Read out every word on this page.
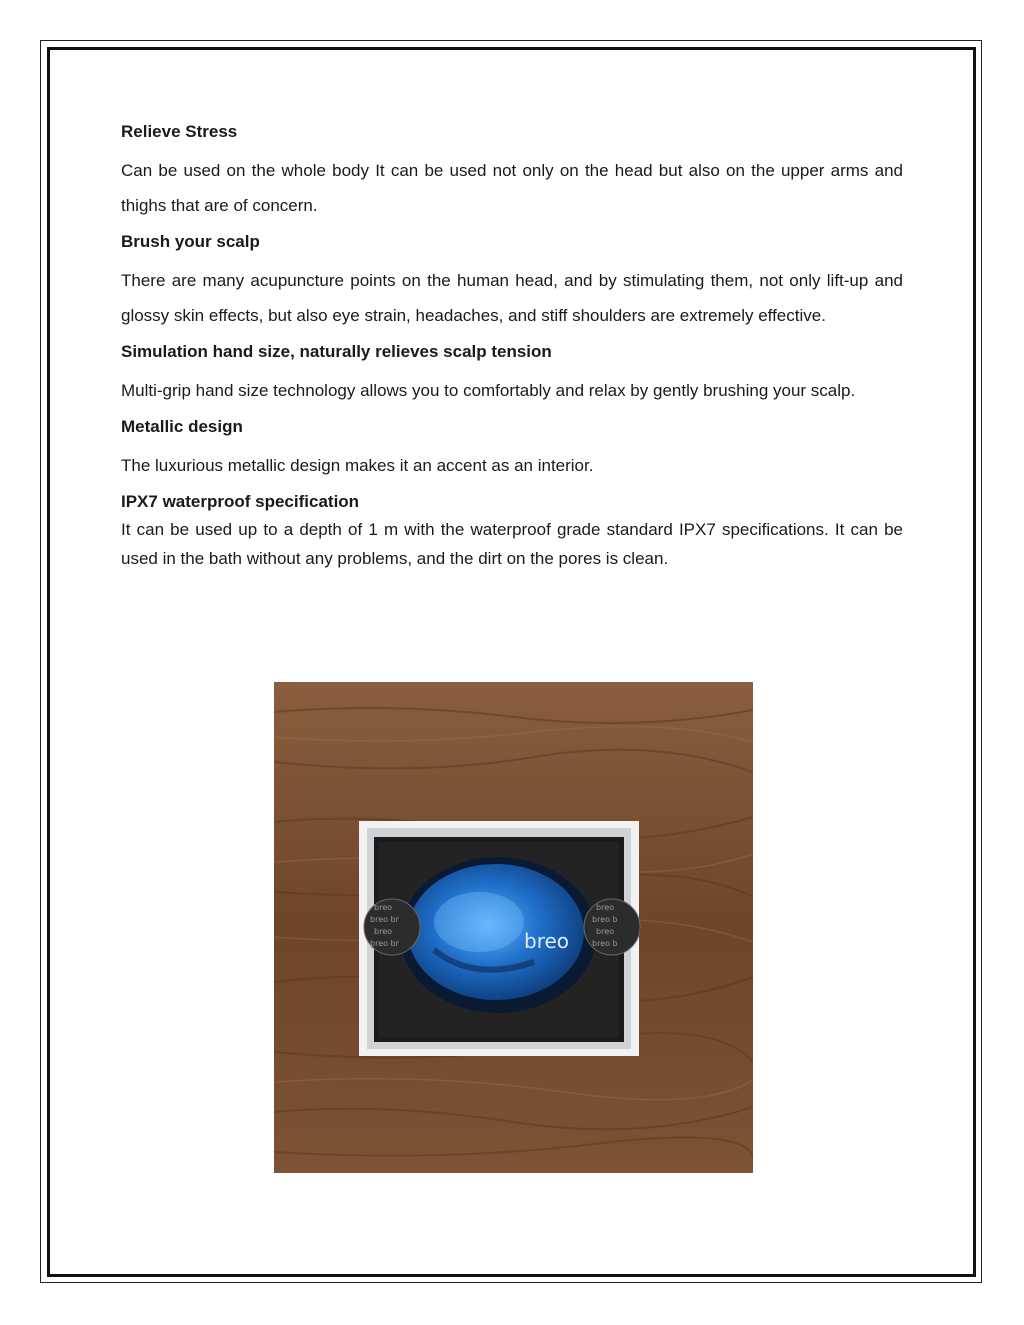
Relieve Stress

Can be used on the whole body It can be used not only on the head but also on the upper arms and thighs that are of concern.

Brush your scalp

There are many acupuncture points on the human head, and by stimulating them, not only lift-up and glossy skin effects, but also eye strain, headaches, and stiff shoulders are extremely effective.

Simulation hand size, naturally relieves scalp tension

Multi-grip hand size technology allows you to comfortably and relax by gently brushing your scalp.

Metallic design

The luxurious metallic design makes it an accent as an interior.

IPX7 waterproof specification

It can be used up to a depth of 1 m with the waterproof grade standard IPX7 specifications. It can be used in the bath without any problems, and the dirt on the pores is clean.

breo
breo
breo br
breo
breo br
breo
breo b
breo
breo b
